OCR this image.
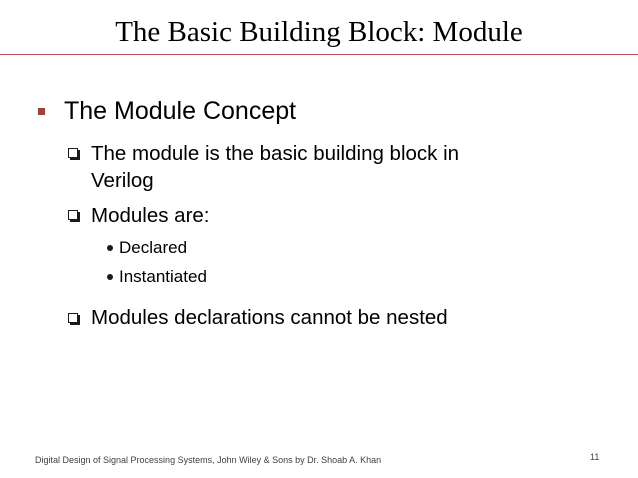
The Basic Building Block: Module
The Module Concept
The module is the basic building block in
Verilog
Modules are:
Declared
Instantiated
Modules declarations cannot be nested
Digital Design of Signal Processing Systems, John Wiley & Sons by Dr. Shoab A. Khan	11
